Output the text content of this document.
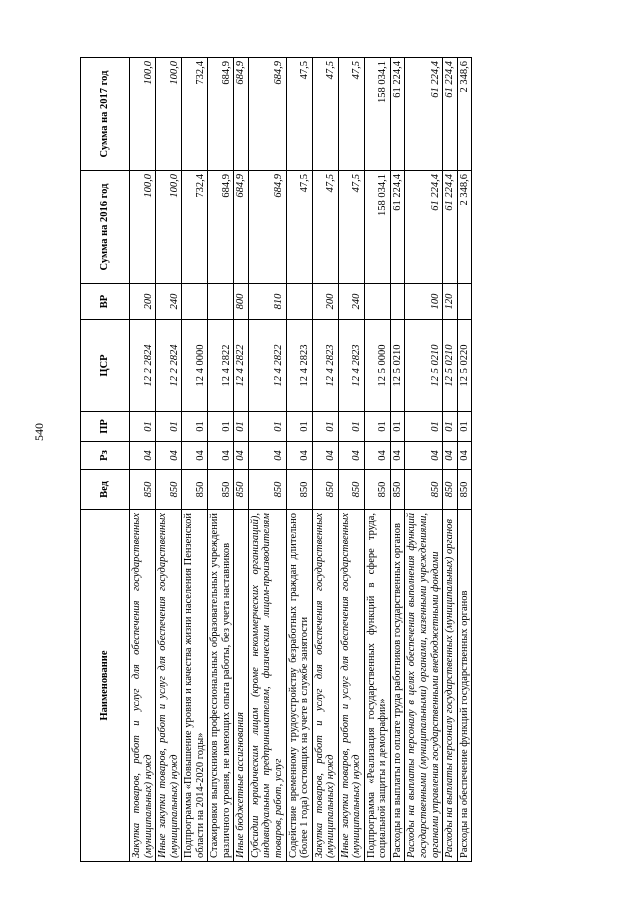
540
Наименование	Вед	Рз	ПР	ЦСР	ВР	Сумма на 2016 год	Сумма на 2017 год
Закупка товаров, работ и услуг для обеспечения государственных (муниципальных) нужд	850	04	01	12 2 2824	200	100,0	100,0
Иные закупки товаров, работ и услуг для обеспечения государственных (муниципальных) нужд	850	04	01	12 2 2824	240	100,0	100,0
Подпрограмма «Повышение уровня и качества жизни населения Пензенской области на 2014-2020 годы»	850	04	01	12 4 0000		732,4	732,4
Стажировки выпускников профессиональных образовательных учреждений различного уровня, не имеющих опыта работы, без учета наставников	850	04	01	12 4 2822		684,9	684,9
Иные бюджетные ассигнования	850	04	01	12 4 2822	800	684,9	684,9
Субсидии юридическим лицам (кроме некоммерческих организаций), индивидуальным предпринимателям, физическим лицам-производителям товаров, работ, услуг	850	04	01	12 4 2822	810	684,9	684,9
Содействие временному трудоустройству безработных граждан длительно (более 1 года) состоящих на учете в службе занятости	850	04	01	12 4 2823		47,5	47,5
Закупка товаров, работ и услуг для обеспечения государственных (муниципальных) нужд	850	04	01	12 4 2823	200	47,5	47,5
Иные закупки товаров, работ и услуг для обеспечения государственных (муниципальных) нужд	850	04	01	12 4 2823	240	47,5	47,5
Подпрограмма «Реализация государственных функций в сфере труда, социальной защиты и демографии»	850	04	01	12 5 0000		158 034,1	158 034,1
Расходы на выплаты по оплате труда работников государственных органов	850	04	01	12 5 0210		61 224,4	61 224,4
Расходы на выплаты персоналу в целях обеспечения выполнения функций государственными (муниципальными) органами, казенными учреждениями, органами управления государственными внебюджетными фондами	850	04	01	12 5 0210	100	61 224,4	61 224,4
Расходы на выплаты персоналу государственных (муниципальных) органов	850	04	01	12 5 0210	120	61 224,4	61 224,4
Расходы на обеспечение функций государственных органов	850	04	01	12 5 0220		2 348,6	2 348,6
